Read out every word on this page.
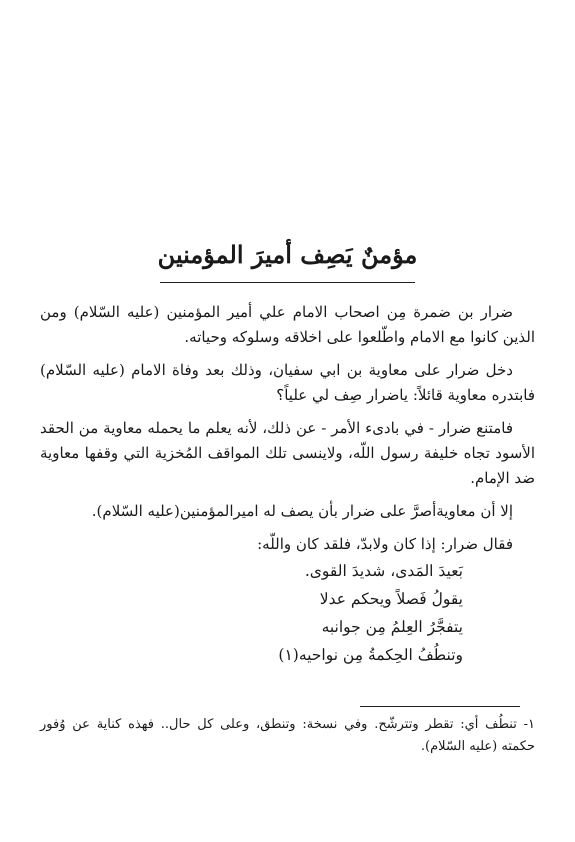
مؤمنٌ يَصِف أميرَ المؤمنين

ضرار بن ضمرة مِن اصحاب الامام علي أمير المؤمنين (عليه السّلام) ومن الذين كانوا مع الامام واطّلعوا على اخلاقه وسلوكه وحياته.

دخل ضرار على معاوية بن ابي سفيان، وذلك بعد وفاة الامام (عليه السّلام) فابتدره معاوية قائلاً: ياضرار صِف لي علياً؟

فامتنع ضرار - في بادىء الأمر - عن ذلك، لأنه يعلم ما يحمله معاوية من الحقد الأسود تجاه خليفة رسول اللّه، ولاينسى تلك المواقف المُخزية التي وقفها معاوية ضد الإمام.

إلا أن معاويةأصرَّ على ضرار بأن يصف له اميرالمؤمنين(عليه السّلام).

فقال ضرار: إذا كان ولابدّ، فلقد كان واللّه:

بَعيدَ المَدى، شديدَ القوى.
يقولُ فَصلاً ويحكم عدلا
يتفجَّرُ العِلمُ مِن جوانبه
وتنطُفُ الحِكمةُ مِن نواحيه(١)

١- تنطُف أي: تقطر وتترشّح. وفي نسخة: وتنطق، وعلى كل حال.. فهذه كناية عن وُفور حكمته (عليه السّلام).
